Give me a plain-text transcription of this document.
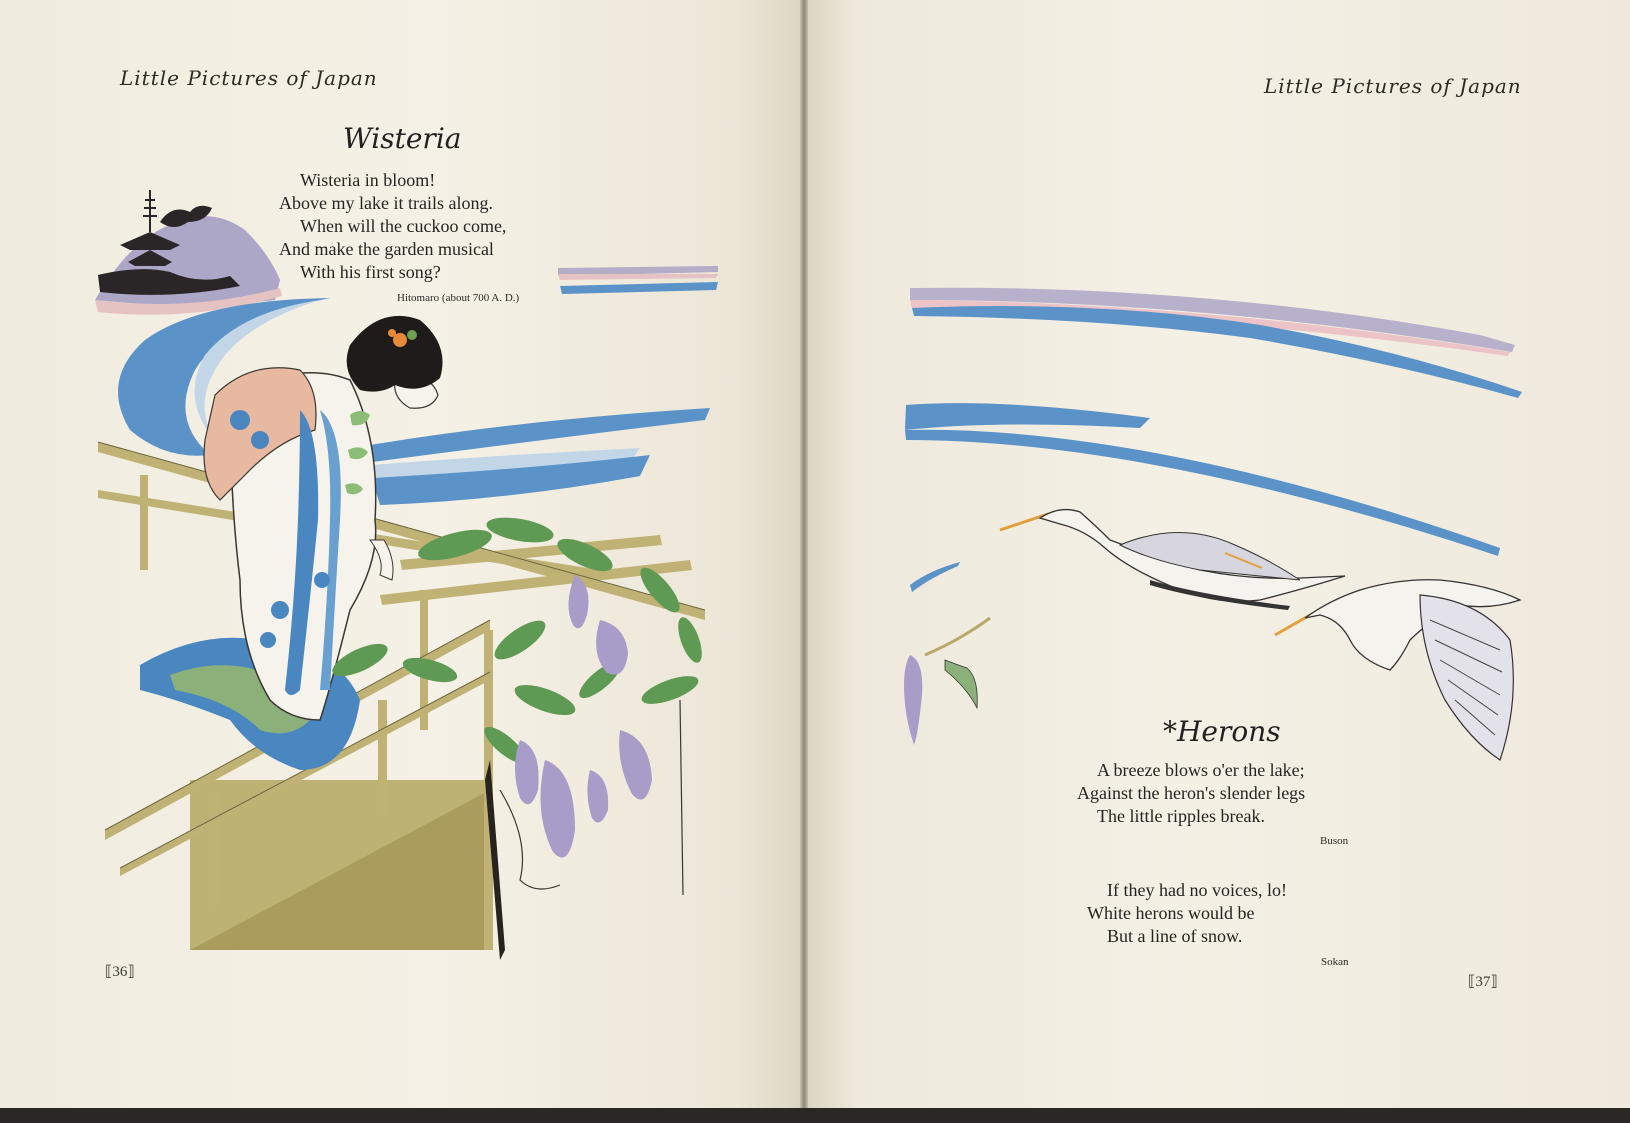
Little Pictures of Japan
Wisteria
Wisteria in bloom!
Above my lake it trails along.
When will the cuckoo come,
And make the garden musical
With his first song?
Hitomaro (about 700 A. D.)
⟦36⟧
Little Pictures of Japan
*Herons
A breeze blows o'er the lake;
Against the heron's slender legs
The little ripples break.
Buson
If they had no voices, lo!
White herons would be
But a line of snow.
Sokan
⟦37⟧
